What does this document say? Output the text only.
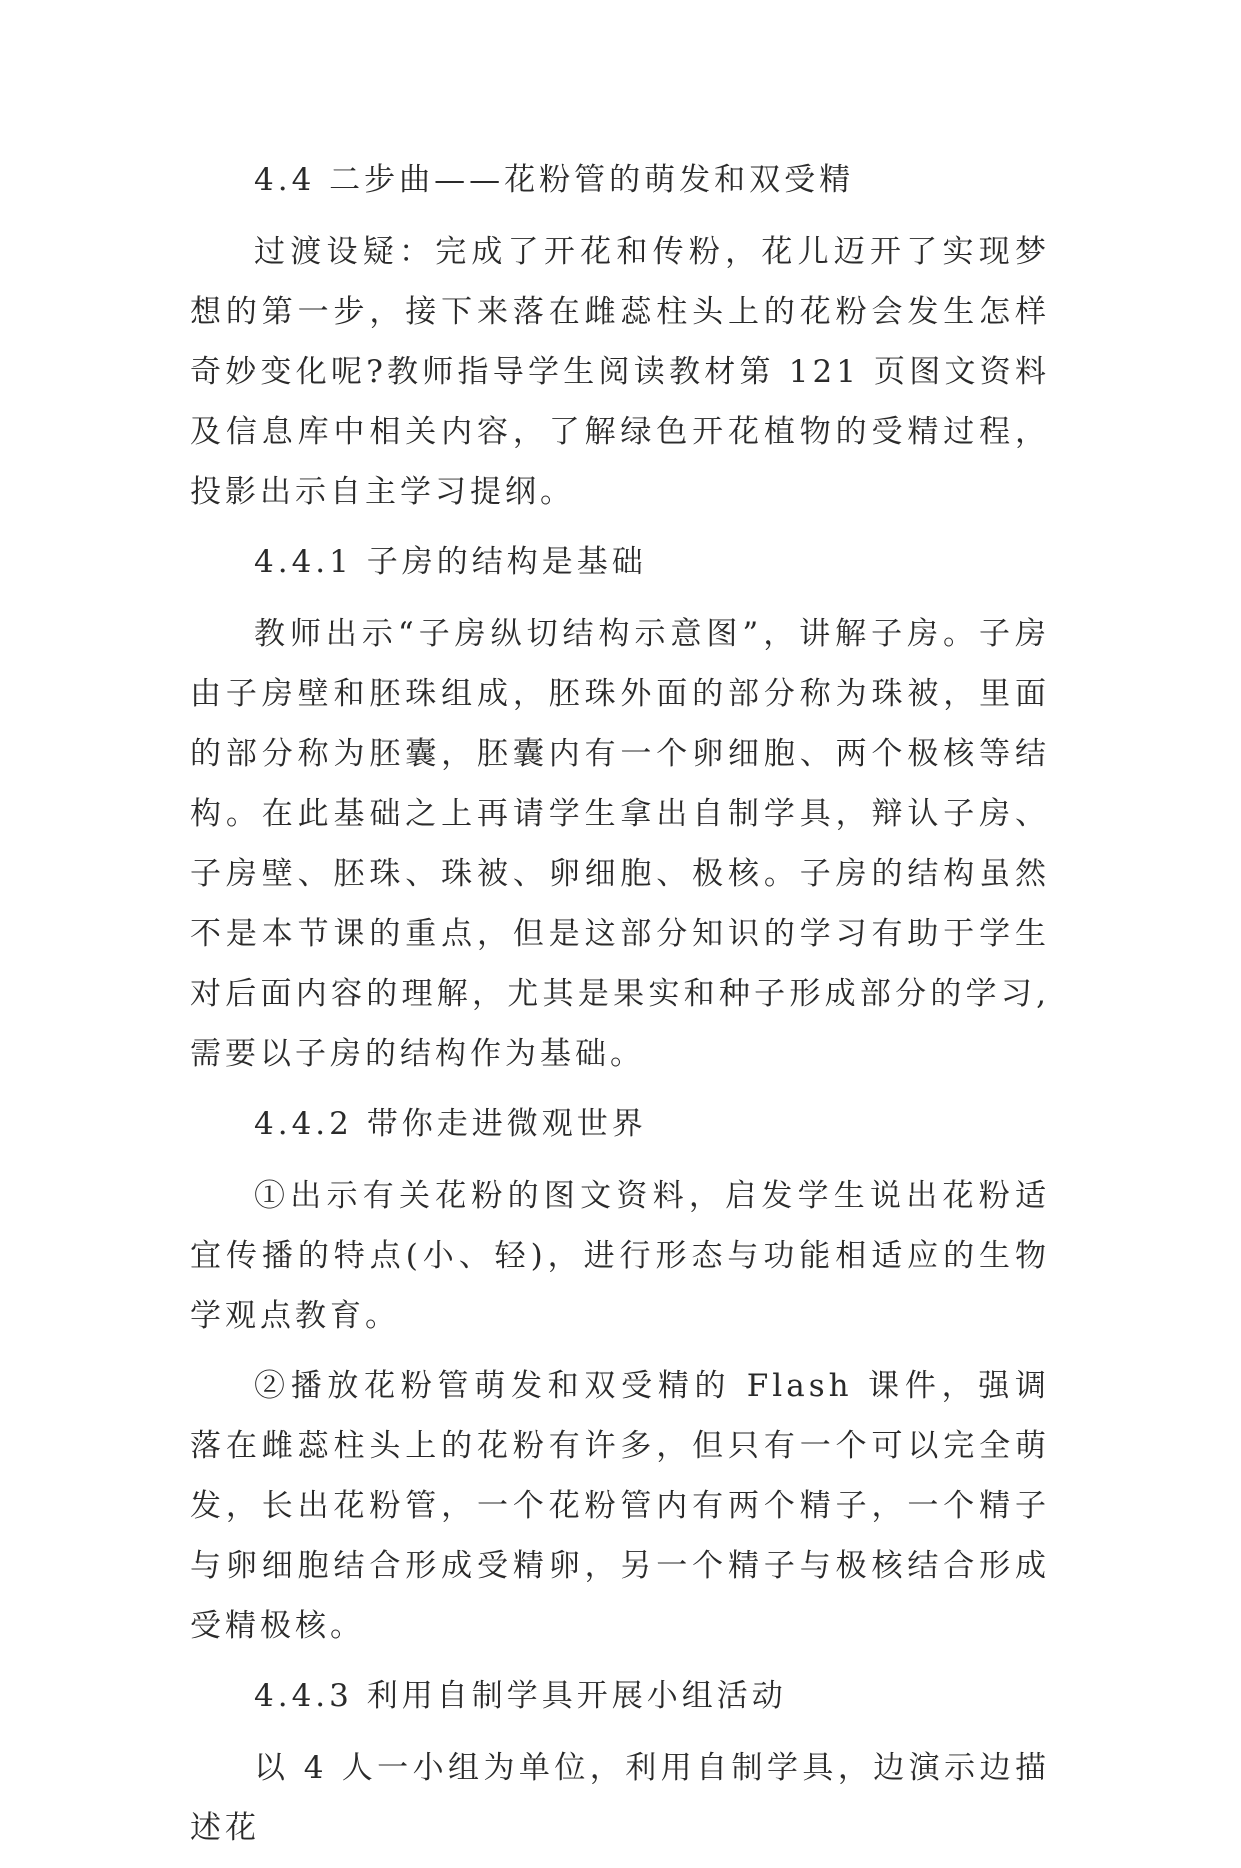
4.4 二步曲——花粉管的萌发和双受精

过渡设疑：完成了开花和传粉，花儿迈开了实现梦想的第一步，接下来落在雌蕊柱头上的花粉会发生怎样奇妙变化呢?教师指导学生阅读教材第 121 页图文资料及信息库中相关内容，了解绿色开花植物的受精过程，投影出示自主学习提纲。

4.4.1 子房的结构是基础

教师出示“子房纵切结构示意图”，讲解子房。子房由子房壁和胚珠组成，胚珠外面的部分称为珠被，里面的部分称为胚囊，胚囊内有一个卵细胞、两个极核等结构。在此基础之上再请学生拿出自制学具，辩认子房、子房壁、胚珠、珠被、卵细胞、极核。子房的结构虽然不是本节课的重点，但是这部分知识的学习有助于学生对后面内容的理解，尤其是果实和种子形成部分的学习,需要以子房的结构作为基础。

4.4.2 带你走进微观世界

①出示有关花粉的图文资料，启发学生说出花粉适宜传播的特点(小、轻)，进行形态与功能相适应的生物学观点教育。

②播放花粉管萌发和双受精的 Flash 课件，强调落在雌蕊柱头上的花粉有许多，但只有一个可以完全萌发，长出花粉管，一个花粉管内有两个精子，一个精子与卵细胞结合形成受精卵，另一个精子与极核结合形成受精极核。

4.4.3 利用自制学具开展小组活动

以 4 人一小组为单位，利用自制学具，边演示边描述花
